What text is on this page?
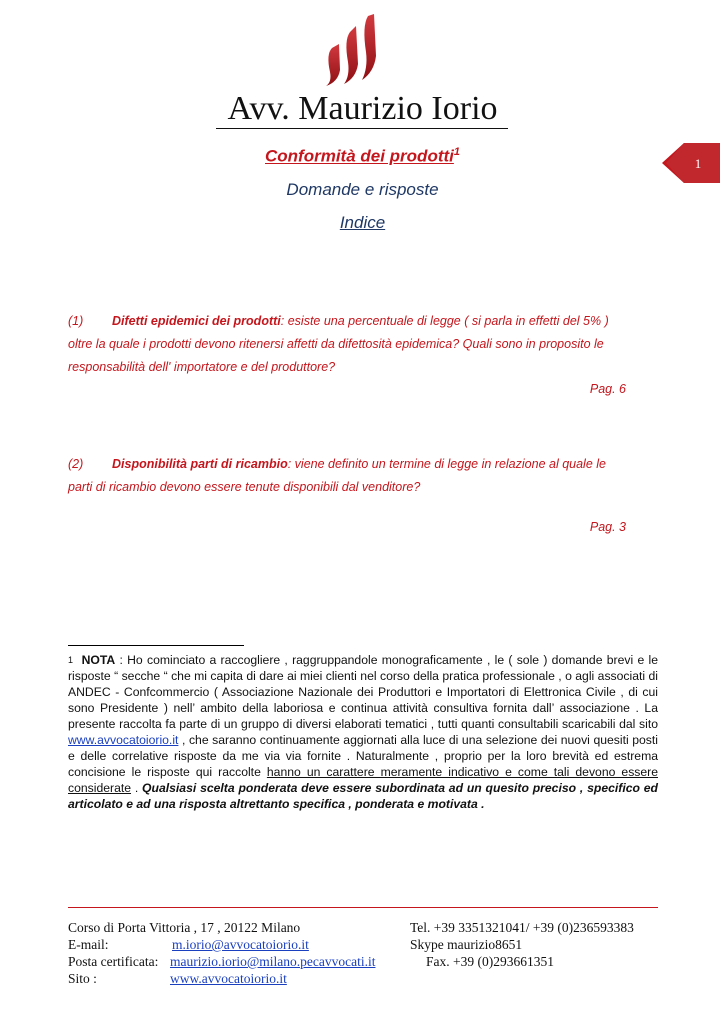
Avv. Maurizio Iorio
Conformità dei prodotti$^1$
Domande e risposte
Indice
1
(1) Difetti epidemici dei prodotti: esiste una percentuale di legge ( si parla in effetti del 5% )
oltre la quale i prodotti devono ritenersi affetti da difettosità epidemica? Quali sono in proposito le
responsabilità dell' importatore e del produttore?
Pag. 6
(2) Disponibilità parti di ricambio: viene definito un termine di legge in relazione al quale le
parti di ricambio devono essere tenute disponibili dal venditore?
Pag. 3
$^1$ NOTA : Ho cominciato a raccogliere , raggruppandole monograficamente , le ( sole ) domande brevi e le risposte “ secche “ che mi capita di dare ai miei clienti nel corso della pratica professionale , o agli associati di ANDEC - Confcommercio ( Associazione Nazionale dei Produttori e Importatori di Elettronica Civile , di cui sono Presidente ) nell’ ambito della laboriosa e continua attività consultiva fornita dall’ associazione . La presente raccolta fa parte di un gruppo di diversi elaborati tematici , tutti quanti consultabili scaricabili dal sito www.avvocatoiorio.it , che saranno continuamente aggiornati alla luce di una selezione dei nuovi quesiti posti e delle correlative risposte da me via via fornite . Naturalmente , proprio per la loro brevità ed estrema concisione le risposte qui raccolte hanno un carattere meramente indicativo e come tali devono essere considerate . Qualsiasi scelta ponderata deve essere subordinata ad un quesito preciso , specifico ed articolato e ad una risposta altrettanto specifica , ponderata e motivata .
Corso di Porta Vittoria , 17 , 20122 Milano	Tel. +39 3351321041/ +39 (0)236593383
E-mail:	m.iorio@avvocatoiorio.it	Skype maurizio8651
Posta certificata: maurizio.iorio@milano.pecavvocati.it	Fax. +39 (0)293661351
Sito :	www.avvocatoiorio.it
